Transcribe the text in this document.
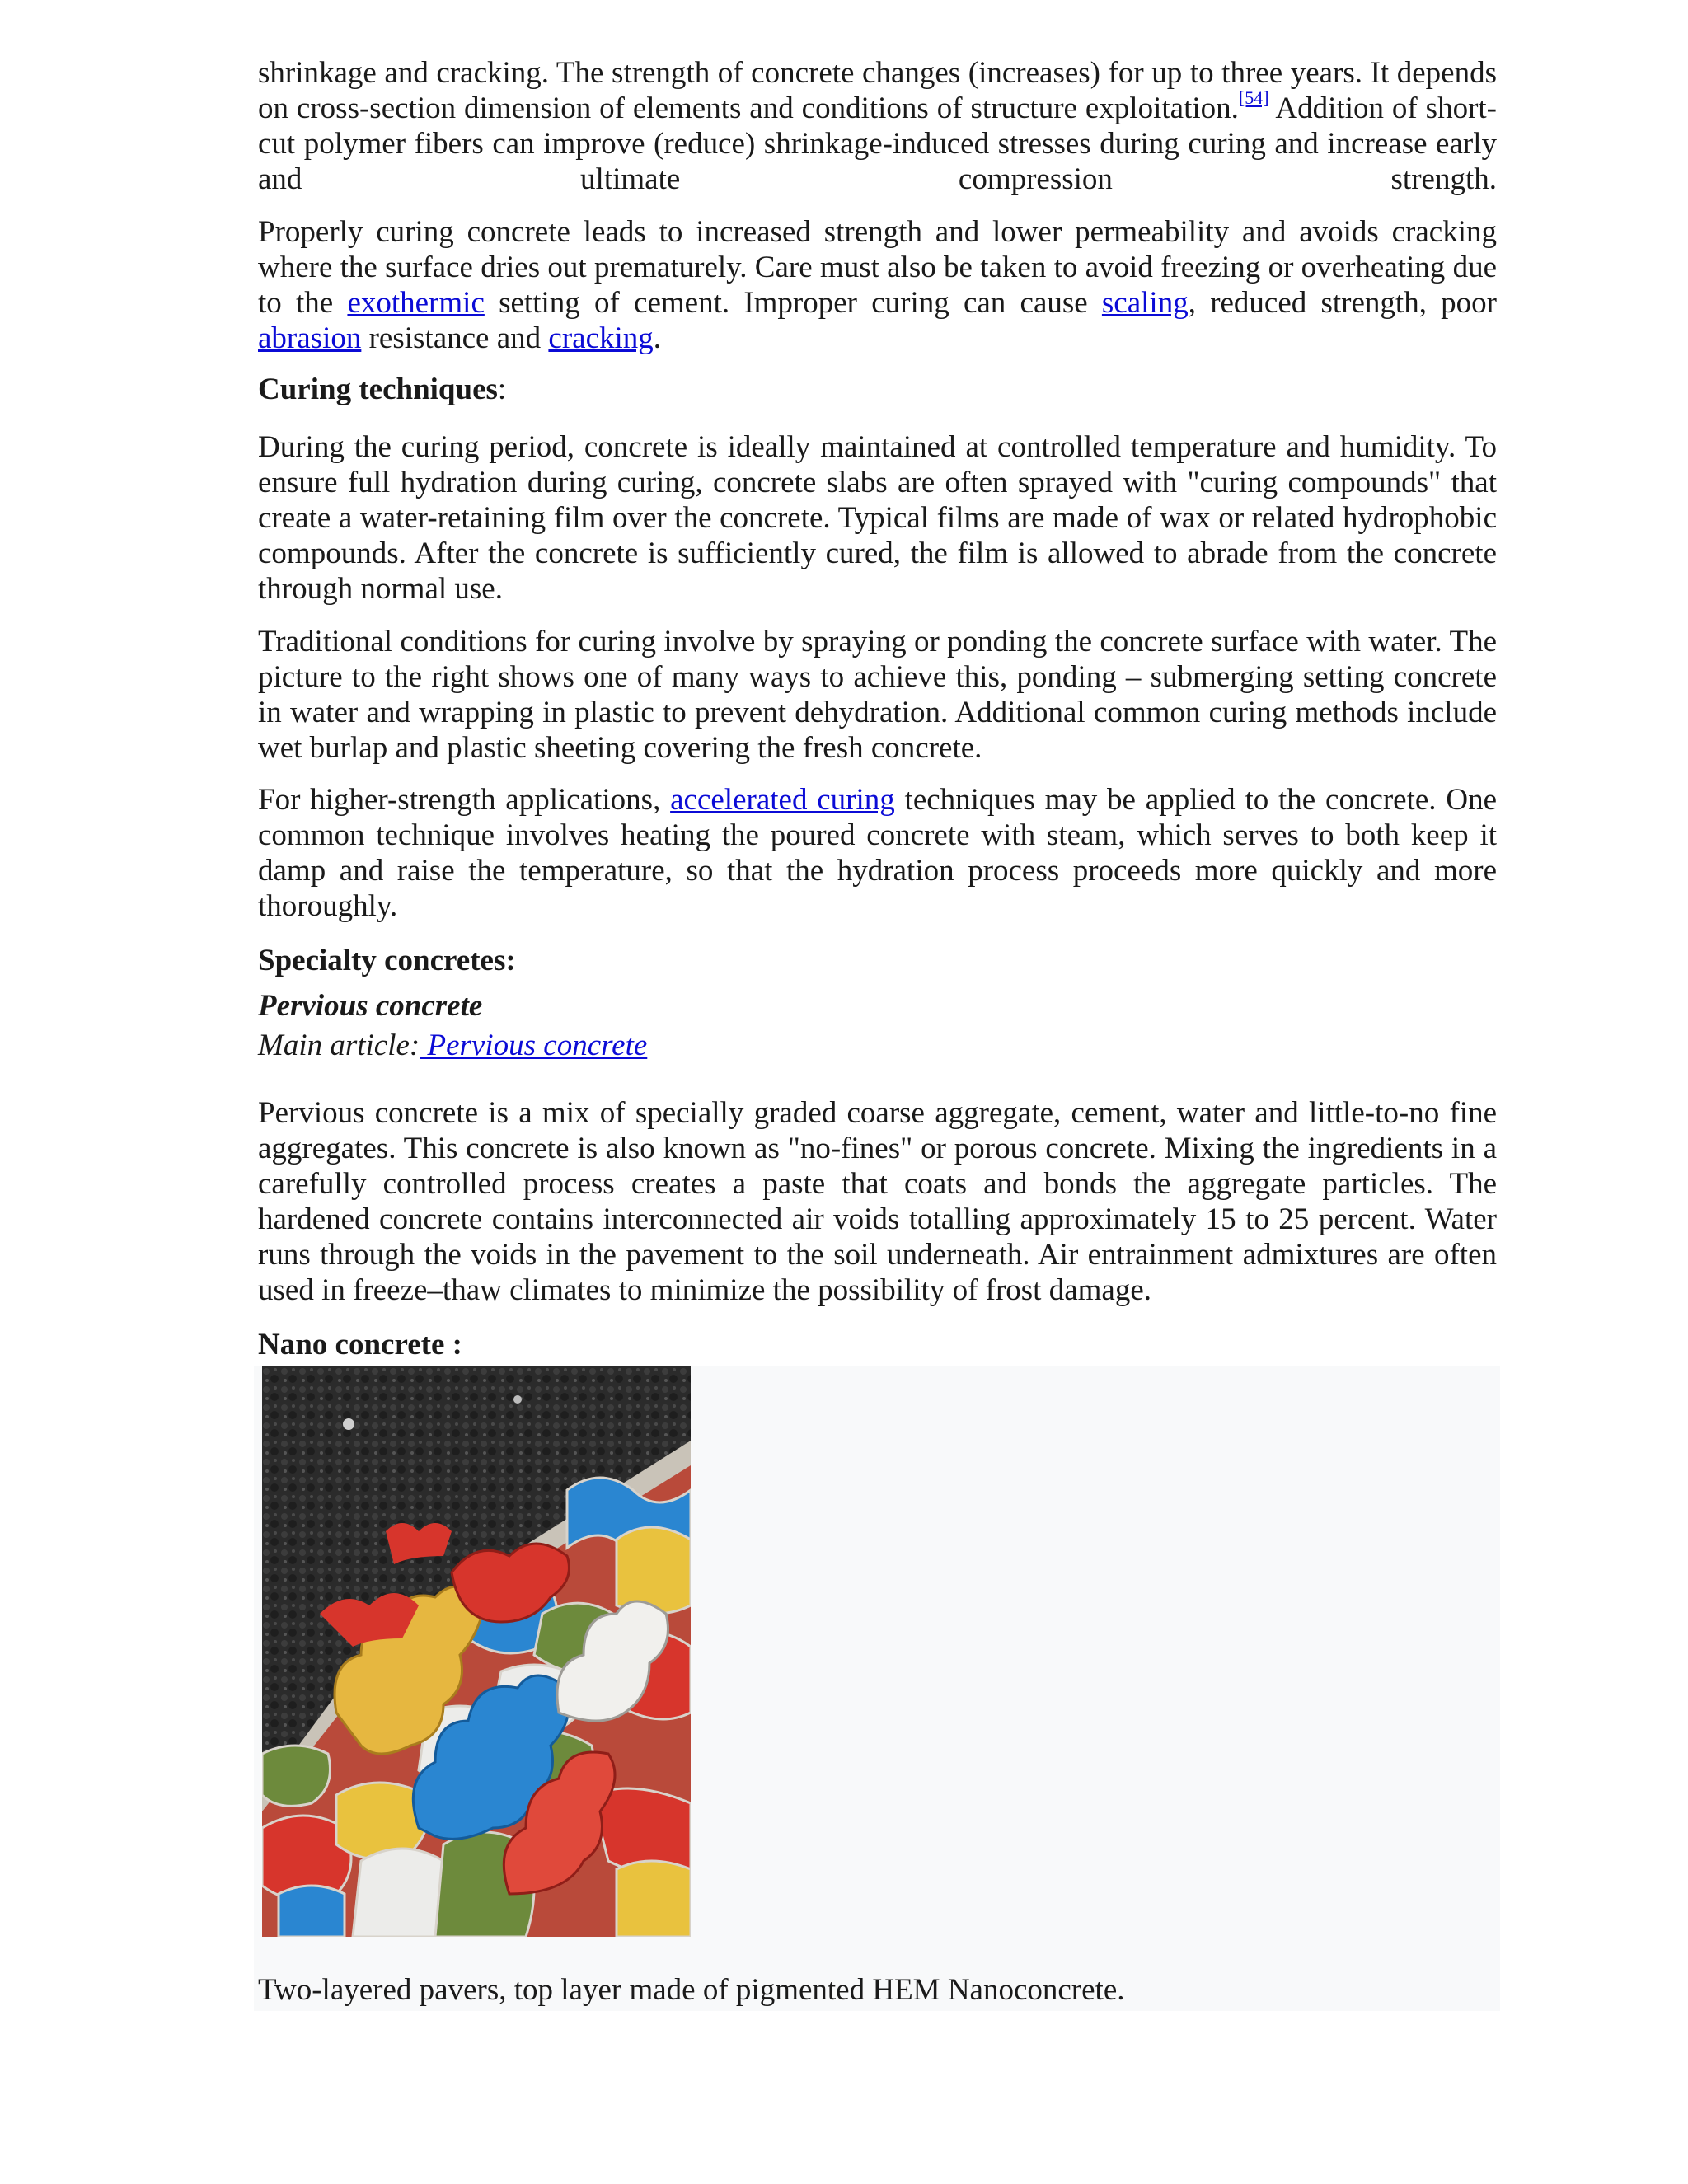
shrinkage and cracking. The strength of concrete changes (increases) for up to three years. It depends on cross-section dimension of elements and conditions of structure exploitation.[54] Addition of short-cut polymer fibers can improve (reduce) shrinkage-induced stresses during curing and increase early and ultimate compression strength.

Properly curing concrete leads to increased strength and lower permeability and avoids cracking where the surface dries out prematurely. Care must also be taken to avoid freezing or overheating due to the exothermic setting of cement. Improper curing can cause scaling, reduced strength, poor abrasion resistance and cracking.

Curing techniques:

During the curing period, concrete is ideally maintained at controlled temperature and humidity. To ensure full hydration during curing, concrete slabs are often sprayed with "curing compounds" that create a water-retaining film over the concrete. Typical films are made of wax or related hydrophobic compounds. After the concrete is sufficiently cured, the film is allowed to abrade from the concrete through normal use.

Traditional conditions for curing involve by spraying or ponding the concrete surface with water. The picture to the right shows one of many ways to achieve this, ponding – submerging setting concrete in water and wrapping in plastic to prevent dehydration. Additional common curing methods include wet burlap and plastic sheeting covering the fresh concrete.

For higher-strength applications, accelerated curing techniques may be applied to the concrete. One common technique involves heating the poured concrete with steam, which serves to both keep it damp and raise the temperature, so that the hydration process proceeds more quickly and more thoroughly.

Specialty concretes:

Pervious concrete

Main article: Pervious concrete

Pervious concrete is a mix of specially graded coarse aggregate, cement, water and little-to-no fine aggregates. This concrete is also known as "no-fines" or porous concrete. Mixing the ingredients in a carefully controlled process creates a paste that coats and bonds the aggregate particles. The hardened concrete contains interconnected air voids totalling approximately 15 to 25 percent. Water runs through the voids in the pavement to the soil underneath. Air entrainment admixtures are often used in freeze–thaw climates to minimize the possibility of frost damage.

Nano concrete :

Two-layered pavers, top layer made of pigmented HEM Nanoconcrete.
